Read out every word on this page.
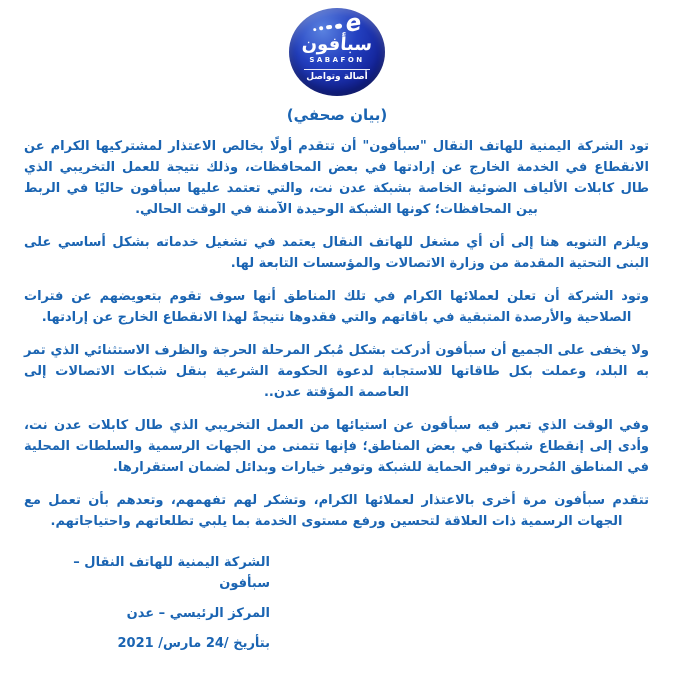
e
سبأفون
SABAFON
أصالة وتواصل
(بيان صحفي)

تود الشركة اليمنية للهاتف النقال "سبأفون" أن تتقدم أولًا بخالص الاعتذار لمشتركيها الكرام عن الانقطاع في الخدمة الخارج عن إرادتها في بعض المحافظات، وذلك نتيجة للعمل التخريبي الذي طال كابلات الألياف الضوئية الخاصة بشبكة عدن نت، والتي تعتمد عليها سبأفون حاليًا في الربط بين المحافظات؛ كونها الشبكة الوحيدة الآمنة في الوقت الحالي.

ويلزم التنويه هنا إلى أن أي مشغل للهاتف النقال يعتمد في تشغيل خدماته بشكل أساسي على البنى التحتية المقدمة من وزارة الاتصالات والمؤسسات التابعة لها.

وتود الشركة أن تعلن لعملائها الكرام في تلك المناطق أنها سوف تقوم بتعويضهم عن فترات الصلاحية والأرصدة المتبقية في باقاتهم والتي فقدوها نتيجةً لهذا الانقطاع الخارج عن إرادتها.

ولا يخفى على الجميع أن سبأفون أدركت بشكل مُبكر المرحلة الحرجة والظرف الاستثنائي الذي تمر به البلد، وعملت بكل طاقاتها للاستجابة لدعوة الحكومة الشرعية بنقل شبكات الاتصالات إلى العاصمة المؤقتة عدن..

وفي الوقت الذي تعبر فيه سبأفون عن استيائها من العمل التخريبي الذي طال كابلات عدن نت، وأدى إلى إنقطاع شبكتها في بعض المناطق؛ فإنها تتمنى من الجهات الرسمية والسلطات المحلية في المناطق المُحررة توفير الحماية للشبكة وتوفير خيارات وبدائل لضمان استقرارها.

تتقدم سبأفون مرة أخرى بالاعتذار لعملائها الكرام، وتشكر لهم تفهمهم، وتعدهم بأن تعمل مع الجهات الرسمية ذات العلاقة لتحسين ورفع مستوى الخدمة بما يلبي تطلعاتهم واحتياجاتهم.

الشركة اليمنية للهاتف النقال – سبأفون
المركز الرئيسي – عدن
بتأريخ /24 مارس/ 2021
